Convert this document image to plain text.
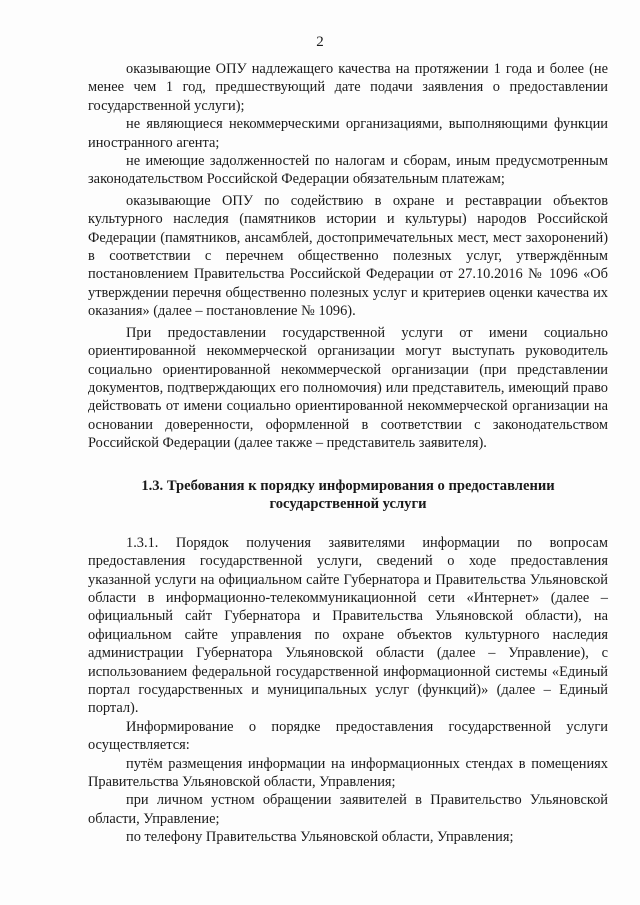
2

оказывающие ОПУ надлежащего качества на протяжении 1 года и более (не менее чем 1 год, предшествующий дате подачи заявления о предоставлении государственной услуги);

не являющиеся некоммерческими организациями, выполняющими функции иностранного агента;

не имеющие задолженностей по налогам и сборам, иным предусмотренным законодательством Российской Федерации обязательным платежам;

оказывающие ОПУ по содействию в охране и реставрации объектов культурного наследия (памятников истории и культуры) народов Российской Федерации (памятников, ансамблей, достопримечательных мест, мест захоронений) в соответствии с перечнем общественно полезных услуг, утверждённым постановлением Правительства Российской Федерации от 27.10.2016 № 1096 «Об утверждении перечня общественно полезных услуг и критериев оценки качества их оказания» (далее – постановление № 1096).

При предоставлении государственной услуги от имени социально ориентированной некоммерческой организации могут выступать руководитель социально ориентированной некоммерческой организации (при представлении документов, подтверждающих его полномочия) или представитель, имеющий право действовать от имени социально ориентированной некоммерческой организации на основании доверенности, оформленной в соответствии с законодательством Российской Федерации (далее также – представитель заявителя).

1.3. Требования к порядку информирования о предоставлении государственной услуги

1.3.1. Порядок получения заявителями информации по вопросам предоставления государственной услуги, сведений о ходе предоставления указанной услуги на официальном сайте Губернатора и Правительства Ульяновской области в информационно-телекоммуникационной сети «Интернет» (далее – официальный сайт Губернатора и Правительства Ульяновской области), на официальном сайте управления по охране объектов культурного наследия администрации Губернатора Ульяновской области (далее – Управление), с использованием федеральной государственной информационной системы «Единый портал государственных и муниципальных услуг (функций)» (далее – Единый портал).

Информирование о порядке предоставления государственной услуги осуществляется:

путём размещения информации на информационных стендах в помещениях Правительства Ульяновской области, Управления;

при личном устном обращении заявителей в Правительство Ульяновской области, Управление;

по телефону Правительства Ульяновской области, Управления;
